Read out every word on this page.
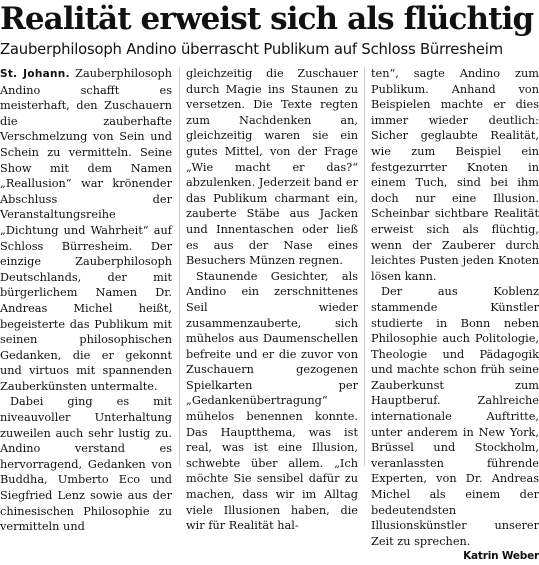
Realität erweist sich als flüchtig
Zauberphilosoph Andino überrascht Publikum auf Schloss Bürresheim

St. Johann. Zauberphilosoph Andino schafft es meisterhaft, den Zuschauern die zauberhafte Verschmelzung von Sein und Schein zu vermitteln. Seine Show mit dem Namen „Reallusion“ war krönender Abschluss der Veranstaltungsreihe „Dichtung und Wahrheit“ auf Schloss Bürresheim. Der einzige Zauberphilosoph Deutschlands, der mit bürgerlichem Namen Dr. Andreas Michel heißt, begeisterte das Publikum mit seinen philosophischen Gedanken, die er gekonnt und virtuos mit spannenden Zauberkünsten untermalte.

Dabei ging es mit niveauvoller Unterhaltung zuweilen auch sehr lustig zu. Andino verstand es hervorragend, Gedanken von Buddha, Umberto Eco und Siegfried Lenz sowie aus der chinesischen Philosophie zu vermitteln und

gleichzeitig die Zuschauer durch Magie ins Staunen zu versetzen. Die Texte regten zum Nachdenken an, gleichzeitig waren sie ein gutes Mittel, von der Frage „Wie macht er das?“ abzulenken. Jederzeit band er das Publikum charmant ein, zauberte Stäbe aus Jacken und Innentaschen oder ließ es aus der Nase eines Besuchers Münzen regnen.

Staunende Gesichter, als Andino ein zerschnittenes Seil wieder zusammenzauberte, sich mühelos aus Daumenschellen befreite und er die zuvor von Zuschauern gezogenen Spielkarten per „Gedankenübertragung“ mühelos benennen konnte. Das Hauptthema, was ist real, was ist eine Illusion, schwebte über allem. „Ich möchte Sie sensibel dafür zu machen, dass wir im Alltag viele Illusionen haben, die wir für Realität hal-

ten“, sagte Andino zum Publikum. Anhand von Beispielen machte er dies immer wieder deutlich: Sicher geglaubte Realität, wie zum Beispiel ein festgezurrter Knoten in einem Tuch, sind bei ihm doch nur eine Illusion. Scheinbar sichtbare Realität erweist sich als flüchtig, wenn der Zauberer durch leichtes Pusten jeden Knoten lösen kann.

Der aus Koblenz stammende Künstler studierte in Bonn neben Philosophie auch Politologie, Theologie und Pädagogik und machte schon früh seine Zauberkunst zum Hauptberuf. Zahlreiche internationale Auftritte, unter anderem in New York, Brüssel und Stockholm, veranlassten führende Experten, von Dr. Andreas Michel als einem der bedeutendsten Illusionskünstler unserer Zeit zu sprechen.
Katrin Weber
